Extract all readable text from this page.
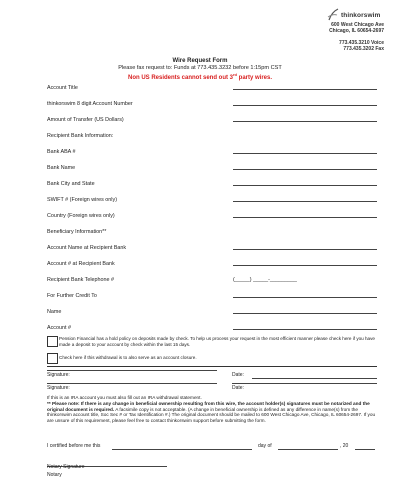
thinkorswim
600 West Chicago Ave
Chicago, IL 60654-2697
773.435.3210 Voice
773.435.3202 Fax
Wire Request Form
Please fax request to: Funds at 773.435.3232 before 1:15pm CST
Non US Residents cannot send out 3rd party wires.
Account Title
thinkorswim 8 digit Account Number
Amount of Transfer (US Dollars)
Recipient Bank Information:
Bank ABA #
Bank Name
Bank City and State
SWIFT # (Foreign wires only)
Country (Foreign wires only)
Beneficiary Information**
Account Name at Recipient Bank
Account # at Recipient Bank
Recipient Bank Telephone #	(_____) _____-_________
For Further Credit To
Name
Account #
Pension Financial has a hold policy on deposits made by check. To help us process your request in the most efficient manner please check here if you have made a deposit to your account by check within the last 15 days.
Check here if this withdrawal is to also serve as an account closure.
Signature:	Date:
Signature:	Date:
If this is an IRA account you must also fill out an IRA withdrawal statement.
** Please note: If there is any change in beneficial ownership resulting from this wire, the account holder(s) signatures must be notarized and the original document is required. A facsimile copy is not acceptable. (A change in beneficial ownership is defined as any difference in name(s) from the thinkorswim account title, Soc Sec # or Tax Identification #.) The original document should be mailed to 600 West Chicago Ave, Chicago, IL 60654-2697. If you are unsure of this requirement, please feel free to contact thinkorswim support before submitting the form.
I certified before me this	day of	, 20
Notary Signature
Notary
